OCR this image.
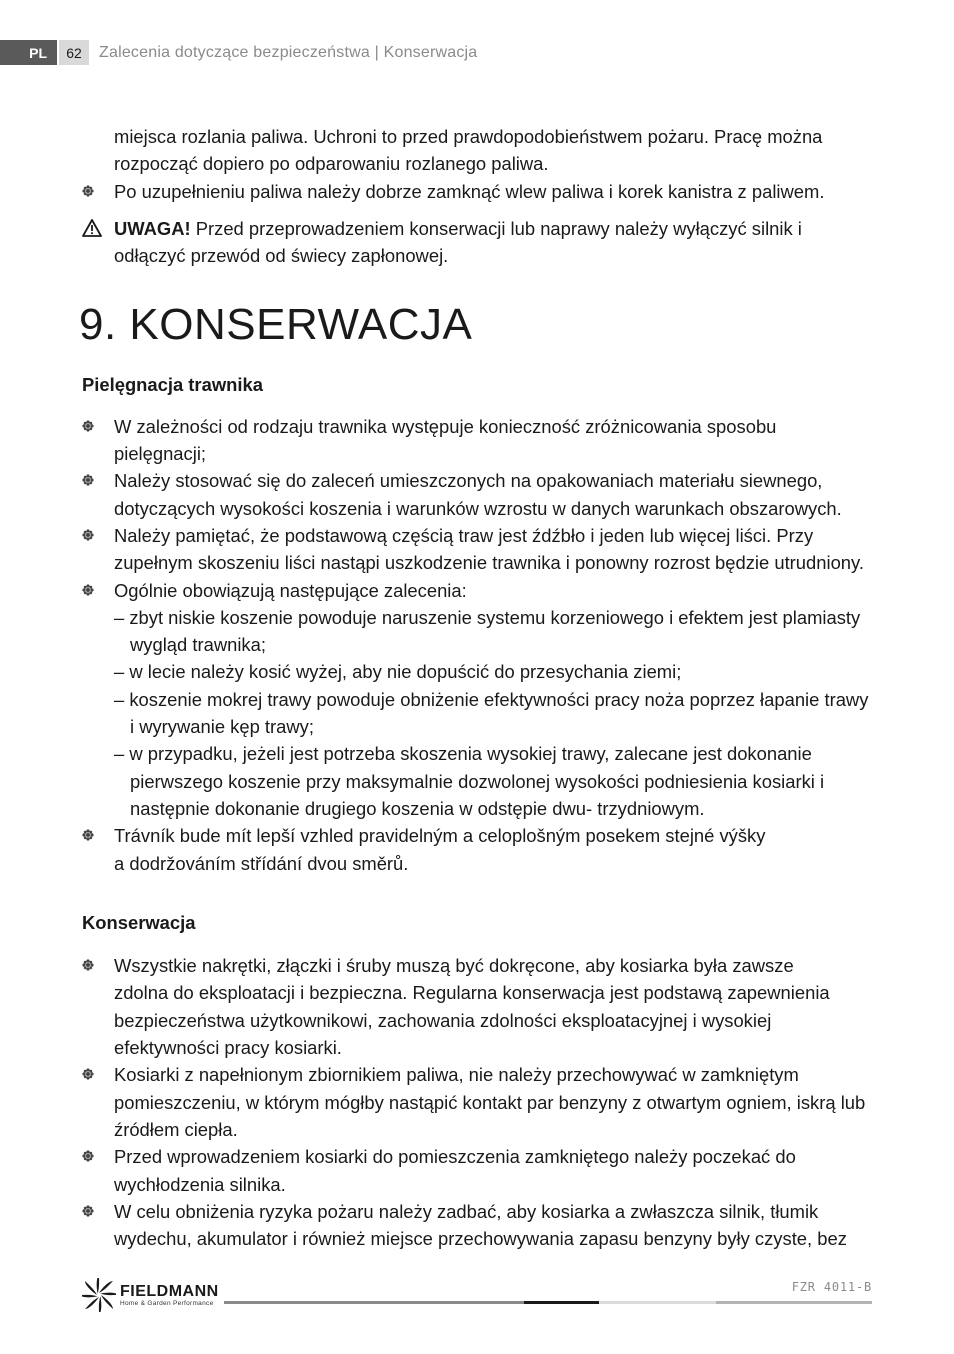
PL	62	Zalecenia dotyczące bezpieczeństwa | Konserwacja
miejsca rozlania paliwa. Uchroni to przed prawdopodobieństwem pożaru. Pracę można
rozpocząć dopiero po odparowaniu rozlanego paliwa.
Po uzupełnieniu paliwa należy dobrze zamknąć wlew paliwa i korek kanistra z paliwem.
UWAGA! Przed przeprowadzeniem konserwacji lub naprawy należy wyłączyć silnik i
odłączyć przewód od świecy zapłonowej.
9. KONSERWACJA
Pielęgnacja trawnika
W zależności od rodzaju trawnika występuje konieczność zróżnicowania sposobu
pielęgnacji;
Należy stosować się do zaleceń umieszczonych na opakowaniach materiału siewnego,
dotyczących wysokości koszenia i warunków wzrostu w danych warunkach obszarowych.
Należy pamiętać, że podstawową częścią traw jest źdźbło i jeden lub więcej liści. Przy
zupełnym skoszeniu liści nastąpi uszkodzenie trawnika i ponowny rozrost będzie utrudniony.
Ogólnie obowiązują następujące zalecenia:
– zbyt niskie koszenie powoduje naruszenie systemu korzeniowego i efektem jest plamiasty
wygląd trawnika;
– w lecie należy kosić wyżej, aby nie dopuścić do przesychania ziemi;
– koszenie mokrej trawy powoduje obniżenie efektywności pracy noża poprzez łapanie trawy
i wyrywanie kęp trawy;
– w przypadku, jeżeli jest potrzeba skoszenia wysokiej trawy, zalecane jest dokonanie
pierwszego koszenie przy maksymalnie dozwolonej wysokości podniesienia kosiarki i
następnie dokonanie drugiego koszenia w odstępie dwu- trzydniowym.
Trávník bude mít lepší vzhled pravidelným a celoplošným posekem stejné výšky
a dodržováním střídání dvou směrů.
Konserwacja
Wszystkie nakrętki, złączki i śruby muszą być dokręcone, aby kosiarka była zawsze
zdolna do eksploatacji i bezpieczna. Regularna konserwacja jest podstawą zapewnienia
bezpieczeństwa użytkownikowi, zachowania zdolności eksploatacyjnej i wysokiej
efektywności pracy kosiarki.
Kosiarki z napełnionym zbiornikiem paliwa, nie należy przechowywać w zamkniętym
pomieszczeniu, w którym mógłby nastąpić kontakt par benzyny z otwartym ogniem, iskrą lub
źródłem ciepła.
Przed wprowadzeniem kosiarki do pomieszczenia zamkniętego należy poczekać do
wychłodzenia silnika.
W celu obniżenia ryzyka pożaru należy zadbać, aby kosiarka a zwłaszcza silnik, tłumik
wydechu, akumulator i również miejsce przechowywania zapasu benzyny były czyste, bez
FIELDMANN
Home & Garden Performance
FZR 4011-B
